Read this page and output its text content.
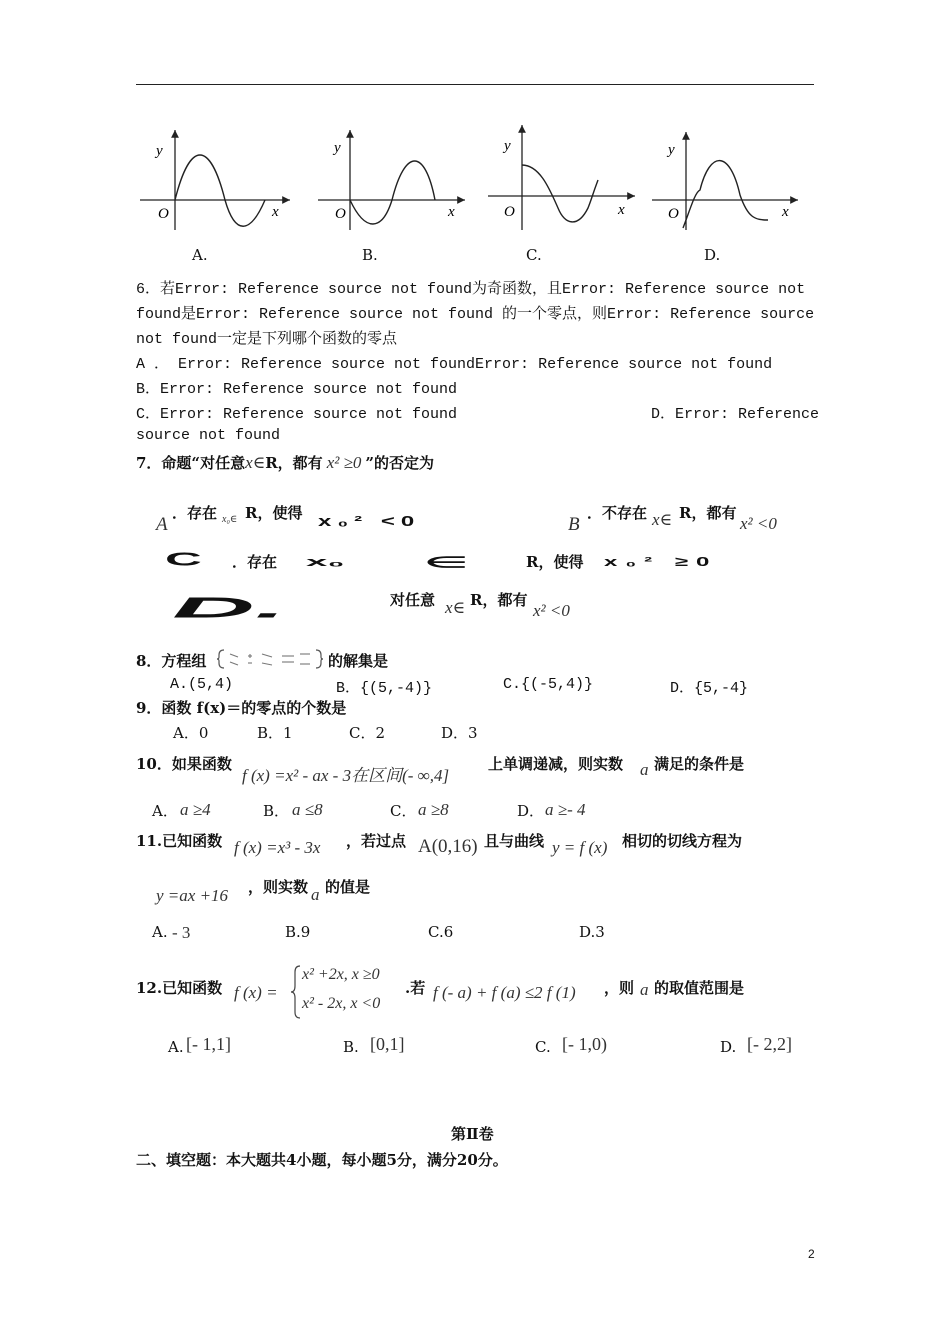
y
O	x
y
O	x
y
O	x
y
O	x
A.	B.	C.	D.
6．若Error: Reference source not found为奇函数，且Error: Reference source not
found是Error: Reference source not found 的一个零点，则Error: Reference source
not found一定是下列哪个函数的零点
A ． Error: Reference source not foundError: Reference source not found
B．Error: Reference source not found
C．Error: Reference source not found	D．Error: Reference
source not found
7．命题“对任意x∈R，都有 x² ≥0 ”的否定为
A
．存在 x₀∈ R，使得 x₀² <0	B
．不存在 x∈ R，都有
x² <0
C ．存在 x₀	∈	R，使得 x₀² ≥0
D.	对任意 x∈ R，都有
x² <0
8．方程组	的解集是
A.(5,4)	B．{(5,-4)}	C.{(-5,4)}	D．{5,-4}
9．函数 f(x)＝的零点的个数是
A．0	B．1	C．2	D．3
10．如果函数
f (x) =x² - ax - 3在区间(- ∞,4]
上单调递减，则实数 a 满足的条件是
A． a ≥4	B． a ≤8	C． a ≥8	D． a ≥- 4
11.已知函数 f (x) =x³ - 3x ，若过点 A(0,16) 且与曲线 y = f (x) 相切的切线方程为
y =ax +16 ，则实数 a 的值是
A. - 3	B.9	C.6	D.3
12.已知函数 f (x) =
x² +2x, x ≥0
x² - 2x, x <0
.若 f (- a) + f (a) ≤2 f (1) ，则 a 的取值范围是
A. [- 1,1]	B. [0,1]	C. [- 1,0)	D. [- 2,2]
第Ⅱ卷
二、填空题：本大题共4小题，每小题5分，满分20分。
2
